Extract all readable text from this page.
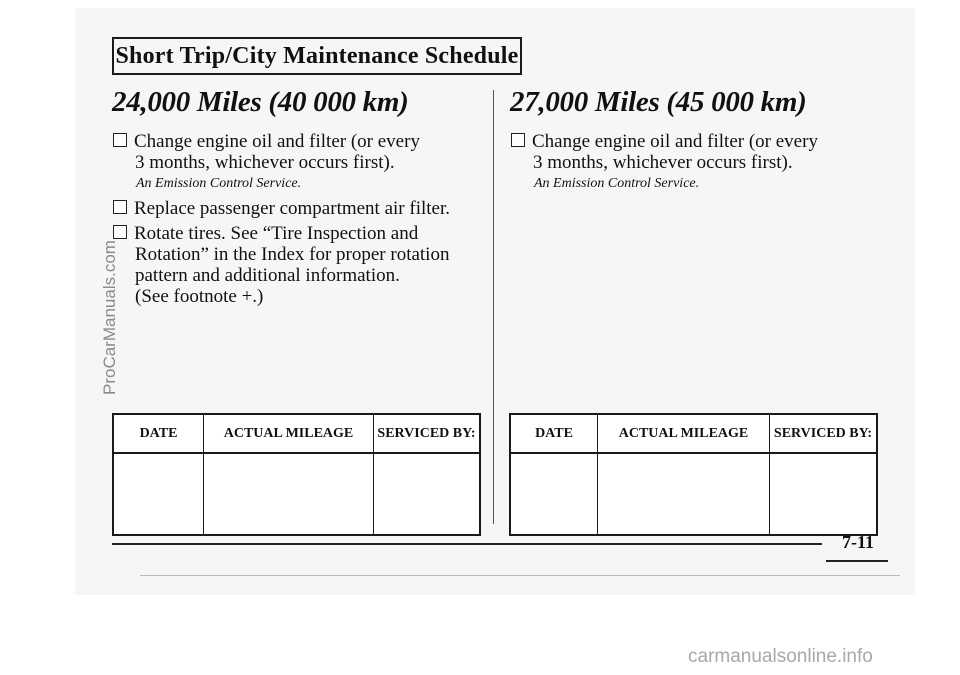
Short Trip/City Maintenance Schedule
24,000 Miles (40 000 km)
Change engine oil and filter (or every
3 months, whichever occurs first).
An Emission Control Service.
Replace passenger compartment air filter.
Rotate tires. See “Tire Inspection and
Rotation” in the Index for proper rotation
pattern and additional information.
(See footnote +.)
DATE	ACTUAL MILEAGE	SERVICED BY:

27,000 Miles (45 000 km)
Change engine oil and filter (or every
3 months, whichever occurs first).
An Emission Control Service.
DATE	ACTUAL MILEAGE	SERVICED BY:

7-11
ProCarManuals.com
carmanualsonline.info
